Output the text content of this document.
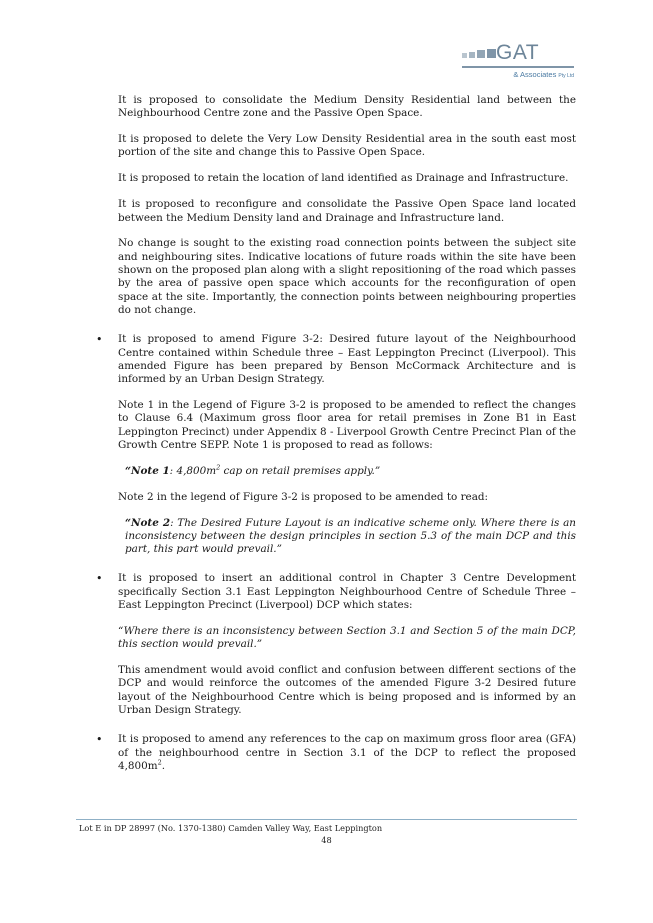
GAT
& Associates Pty Ltd

It is proposed to consolidate the Medium Density Residential land between the Neighbourhood Centre zone and the Passive Open Space.

It is proposed to delete the Very Low Density Residential area in the south east most portion of the site and change this to Passive Open Space.

It is proposed to retain the location of land identified as Drainage and Infrastructure.

It is proposed to reconfigure and consolidate the Passive Open Space land located between the Medium Density land and Drainage and Infrastructure land.

No change is sought to the existing road connection points between the subject site and neighbouring sites. Indicative locations of future roads within the site have been shown on the proposed plan along with a slight repositioning of the road which passes by the area of passive open space which accounts for the reconfiguration of open space at the site. Importantly, the connection points between neighbouring properties do not change.

• It is proposed to amend Figure 3-2: Desired future layout of the Neighbourhood Centre contained within Schedule three – East Leppington Precinct (Liverpool). This amended Figure has been prepared by Benson McCormack Architecture and is informed by an Urban Design Strategy.

Note 1 in the Legend of Figure 3-2 is proposed to be amended to reflect the changes to Clause 6.4 (Maximum gross floor area for retail premises in Zone B1 in East Leppington Precinct) under Appendix 8 - Liverpool Growth Centre Precinct Plan of the Growth Centre SEPP. Note 1 is proposed to read as follows:

“Note 1: $4,800m^2$ cap on retail premises apply.”

Note 2 in the legend of Figure 3-2 is proposed to be amended to read:

“Note 2: The Desired Future Layout is an indicative scheme only. Where there is an inconsistency between the design principles in section 5.3 of the main DCP and this part, this part would prevail.”

• It is proposed to insert an additional control in Chapter 3 Centre Development specifically Section 3.1 East Leppington Neighbourhood Centre of Schedule Three – East Leppington Precinct (Liverpool) DCP which states:

“Where there is an inconsistency between Section 3.1 and Section 5 of the main DCP, this section would prevail.”

This amendment would avoid conflict and confusion between different sections of the DCP and would reinforce the outcomes of the amended Figure 3-2 Desired future layout of the Neighbourhood Centre which is being proposed and is informed by an Urban Design Strategy.

• It is proposed to amend any references to the cap on maximum gross floor area (GFA) of the neighbourhood centre in Section 3.1 of the DCP to reflect the proposed $4,800m^2$.

Lot E in DP 28997 (No. 1370-1380) Camden Valley Way, East Leppington
48
